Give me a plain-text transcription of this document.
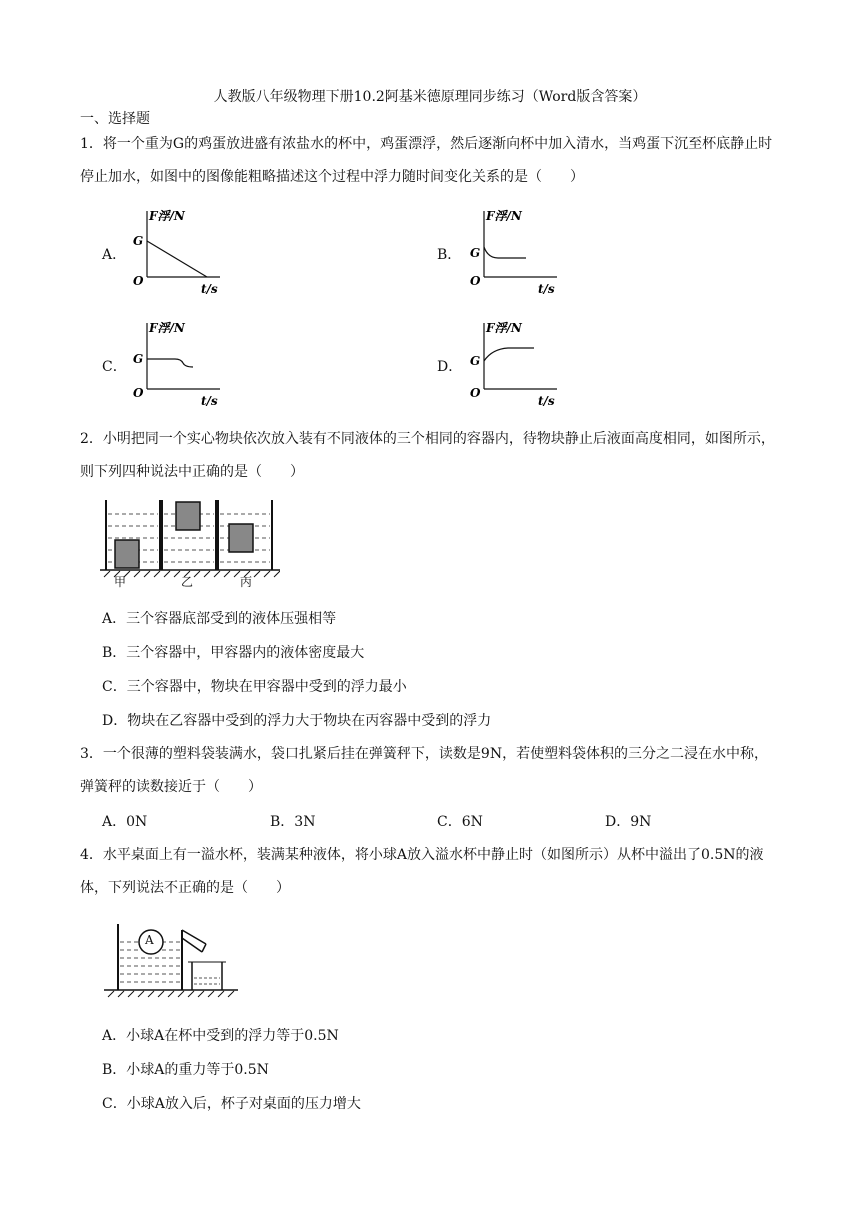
人教版八年级物理下册10.2阿基米德原理同步练习（Word版含答案）
一、选择题
1．将一个重为G的鸡蛋放进盛有浓盐水的杯中，鸡蛋漂浮，然后逐渐向杯中加入清水，当鸡蛋下沉至杯底静止时停止加水，如图中的图像能粗略描述这个过程中浮力随时间变化关系的是（　　）
A．
F浮/N
G
O
t/s
B．
F浮/N
G
O
t/s
C．
F浮/N
G
O
t/s
D．
F浮/N
G
O
t/s
2．小明把同一个实心物块依次放入装有不同液体的三个相同的容器内，待物块静止后液面高度相同，如图所示，则下列四种说法中正确的是（　　）
甲	乙	丙
A．三个容器底部受到的液体压强相等
B．三个容器中，甲容器内的液体密度最大
C．三个容器中，物块在甲容器中受到的浮力最小
D．物块在乙容器中受到的浮力大于物块在丙容器中受到的浮力
3．一个很薄的塑料袋装满水，袋口扎紧后挂在弹簧秤下，读数是9N，若使塑料袋体积的三分之二浸在水中称，弹簧秤的读数接近于（　　）
A．0N	B．3N	C．6N	D．9N
4．水平桌面上有一溢水杯，装满某种液体，将小球A放入溢水杯中静止时（如图所示）从杯中溢出了0.5N的液体，下列说法不正确的是（　　）
A
A．小球A在杯中受到的浮力等于0.5N
B．小球A的重力等于0.5N
C．小球A放入后，杯子对桌面的压力增大
